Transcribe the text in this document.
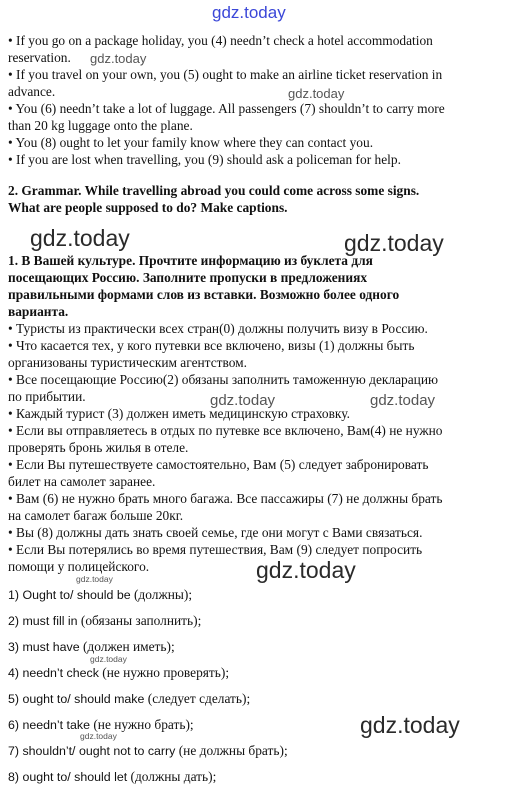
gdz.today
• If you go on a package holiday, you (4) needn’t check a hotel accommodation
reservation.
• If you travel on your own, you (5) ought to make an airline ticket reservation in
advance.
• You (6) needn’t take a lot of luggage. All passengers (7) shouldn’t to carry more
than 20 kg luggage onto the plane.
• You (8) ought to let your family know where they can contact you.
• If you are lost when travelling, you (9) should ask a policeman for help.
gdz.today
gdz.today
2. Grammar. While travelling abroad you could come across some signs.
What are people supposed to do? Make captions.
gdz.today	gdz.today
1. В Вашей культуре. Прочтите информацию из буклета для
посещающих Россию. Заполните пропуски в предложениях
правильными формами слов из вставки. Возможно более одного
варианта.
• Туристы из практически всех стран(0) должны получить визу в Россию.
• Что касается тех, у кого путевки все включено, визы (1) должны быть
организованы туристическим агентством.
• Все посещающие Россию(2) обязаны заполнить таможенную декларацию
по прибытии.
• Каждый турист (3) должен иметь медицинскую страховку.
• Если вы отправляетесь в отдых по путевке все включено, Вам(4) не нужно
проверять бронь жилья в отеле.
• Если Вы путешествуете самостоятельно, Вам (5) следует забронировать
билет на самолет заранее.
• Вам (6) не нужно брать много багажа. Все пассажиры (7) не должны брать
на самолет багаж больше 20кг.
• Вы (8) должны дать знать своей семье, где они могут с Вами связаться.
• Если Вы потерялись во время путешествия, Вам (9) следует попросить
помощи у полицейского.
gdz.today	gdz.today
gdz.today
gdz.today
1) Ought to/ should be (должны);
2) must fill in (обязаны заполнить);
3) must have (должен иметь);
4) needn’t check (не нужно проверять);
5) ought to/ should make (следует сделать);
6) needn’t take (не нужно брать);
7) shouldn’t/ ought not to carry (не должны брать);
8) ought to/ should let (должны дать);
gdz.today
gdz.today
gdz.today
